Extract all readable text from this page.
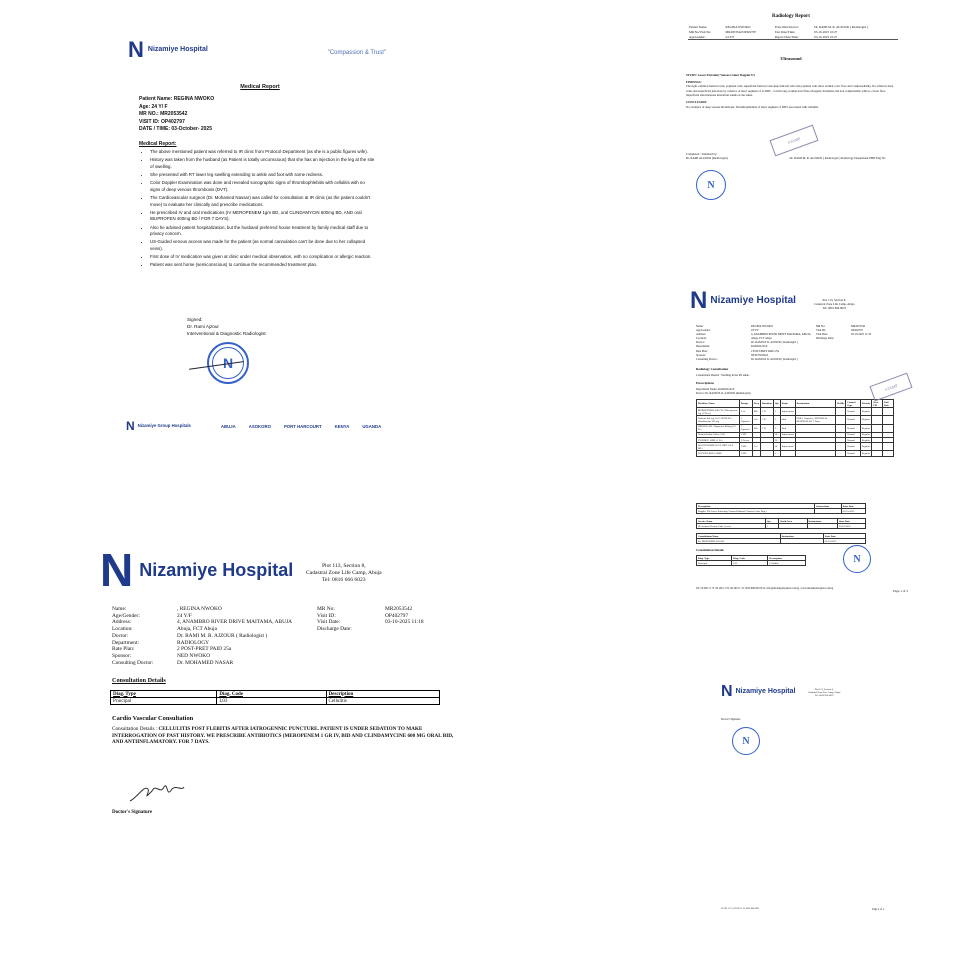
N Nizamiye Hospital	"Compassion & Trust"
Medical Report
Patient Name: REGINA NWOKO
Age: 24 Y/ F
MR NO.: MR2053542
VISIT ID: OP402797
DATE / TIME: 03-October- 2025
Medical Report:
• The above mentioned patient was referred to IR clinic from Protocol Department (as she is a public figures wife).
• History was taken from the husband (as Patient is totally unconscious) that she has an injection in the leg at the site of swelling.
• She presented with RT lower leg swelling extending to ankle and foot with some redness.
• Color Doppler Examination was done and revealed sonographic signs of thrombophlebitis with cellulitis with no signs of deep venous thrombosis (DVT).
• The Cardiovascular surgeon (Dr. Mohamed Nassar) was called for consultation at IR clinic (as the patient couldn't move) to evaluate her clinically and prescribe medications.
• He prescribed IV and oral medications (IV MEROPENEM 1gm BD, oral CLINDAMYCIN 600mg BD, AND oral IBUPROFEN 400mg BD / FOR 7 DAYS).
• Also he advised patient hospitalization, but the husband preferred house treatment by family medical staff due to privacy concern.
• US-Guided venous access was made for the patient (as normal cannulation can't be done due to her collapsed veins).
• First dose of IV medication was given at clinic under medical observation, with no complication or allergic reaction.
• Patient was sent home (semiconscious) to continue the recommended treatment plan.
Signed:
Dr. Rami Ajzour
Interventional & Diagnostic Radiologist
N
N Nizamiye Group Hospitals	ABUJA	ASOKORO	PORT HARCOURT	KENYA	UGANDA
Radiology Report
Patient Name:	REGINA NWOKO	Prescribed Doctor:	Dr. RAMI M. R. ALZOUR ( Radiologist )
MR No/Visit No:	MR2053542/OP402797	Test Date/Time:	03-10-2025 10:27
Age/Gender:	24 Y/F	Report Date/Time:	03-10-2025 10:27
Ultrasound
STUDY: Lower Extremity Venous Colour Doppler US
FINDINGS:
The right common femoral vein, popliteal vein, superficial femoral vein deep femoral vein and popliteal vein show normal color flow and compressibility. No reflux in deep veins and superficial junctions by valsalva. A short segment of at DDT - 2.2cm long at ankle level fine echogenic thrombus and non compressible with no colour flow. Superficial subcutaneous interstitial edema at the ankle.
CONCLUSION:
No evidence of deep venous thrombosis. Thrombophlebitis of short segment of DDT associated with cellulitis.
Completed / Validated by:
Dr. RAMI ALZOUR (Radiologist)	Dr. RAMI M. R. ALZOUR ( Radiologist ) Radiology Department PHD Eng No.
STAMP
N
N Nizamiye Hospital	Plot 113, Section 8,
Cadastral Zone Life Camp, Abuja
Tel: 0816 666 6023
Name:	REGINA NWOKO	MR No:	MR2053542
Age/Gender:	24 Y/F	Visit ID:	OP402797
Address:	4, ANAMBRO RIVER DRIVE MAITAMA, ABUJA	Visit Date:	03-10-2025 11:18
Location:	Abuja, FCT Abuja	Discharge Date:
Doctor:	Dr. RAMI M. R. AJZOUR ( Radiologist )
Department:	RADIOLOGY
Rate Plan:	2 POST-PRET PAID 25a
Sponsor:	NED NWOKO
Consulting Doctor:	Dr. RAMI M. R. AJZOUR ( Radiologist )
Radiology Consultation
Consultation Details : Swelling in the RT ankle.
Prescriptions
Department Name: RADIOLOGY
Doctor: Dr. RAMI M. R. AJZOUR (Radiologist)
Medicine Name	Dosage	Freq	Duration	Qty	Route	Instructions	Refills	Control Type	Priority	Next Fill	End Date
MEROPENEM 1GR (VL) Meropenem 1gr (1 Piece)	1 Gr	BD	7 D	1	Intravenous			Normal	Regular		
Dalacin 300 mg. 16 CAPSULES / Clindamycin 300 mg	1 Capsules	1x2	7 D	1	Oral	FOR 1 Capsules / BEFORE & BUSINESS OF 7 Days		Normal	Regular		
BRUFEN 400 / Ibuprofen 400mg (10 Pc)	1 Capsules	BD	7 D	1	Oral			Normal	Regular		
Normal Saline 100cc (1 B)	1 ML			14	Intravenous			Normal	Regular		
SYRINGE 10ML (1 Pc)	1 Pieces			30				Normal	Regular		
BACIX NORMAN 0.9 (NET 0.9 6 ML)	1 ML	1x1		14	Intravenous			Normal	Regular		
ECPYNO ROLL 50ML	1 ML			1				Normal	Regular		
Description	Instructions	Start Date
Doppler US Lower Extremity Venous Bilateral (Venous Color Dop.)		03-10-2025
Service Name	Qty	Tooth Area	Instructions	Start Date
IR Assisted Venous Cath. Access	1			03-10-2025
Consultation Name	Instruction	Start Date
Dr. MOHAMED NASAR		03-10-2025
Consultation Details
Diag. Type	Diag. Code	Description
Principal	L03	Cellulitis
STAMP
N
Tel: 09 290 11 75, 09 290 11 76, 09 290 11 74, 0816 666 6023 Fax: info@nizamiyehospital.com.ng | www.nizamiyehospital.com.ng
Page 1 of 2
N Nizamiye Hospital	Plot 113, Section 8,
Cadastral Zone Life Camp, Abuja
Tel: 0816 666 6023
Doctor's Signature
N
09 290 11 75, 09 290 11 76, 0816 666 6023	Page 2 of 2
N Nizamiye Hospital	Plot 113, Section 8,
Cadastral Zone Life Camp, Abuja
Tel: 0816 666 6023
Name:	, REGINA NWOKO	MR No:	MR2053542
Age/Gender:	24 Y/F	Visit ID:	OP402797
Address:	4, ANAMBRO RIVER DRIVE MAITAMA, ABUJA	Visit Date:	03-10-2025 11:18
Location:	Abuja, FCT Abuja	Discharge Date:
Doctor:	Dr. RAMI M. R. AJZOUR ( Radiologist )
Department:	RADIOLOGY
Rate Plan:	2 POST-PRET PAID 25a
Sponsor:	NED NWOKO
Consulting Doctor:	Dr. MOHAMED NASAR
Consultation Details
Diag. Type	Diag. Code	Description
Principal	L03	Cellulitis
Cardio Vascular Consultation
Consultation Details : CELLULITIS POST FLEBITIS AFTER IATROGENNIC PUNCTURE. PATIENT IS UNDER SEDATION TO MAKE INTERROGATION OF PAST HISTORY. WE PRESCRIBE ANTIBIOTICS (MEROPENEM 1 GR IV, BID AND CLINDAMYCINE 600 MG ORAL BID, AND ANTIINFLAMATORY. FOR 7 DAYS.
Doctor's Signature
